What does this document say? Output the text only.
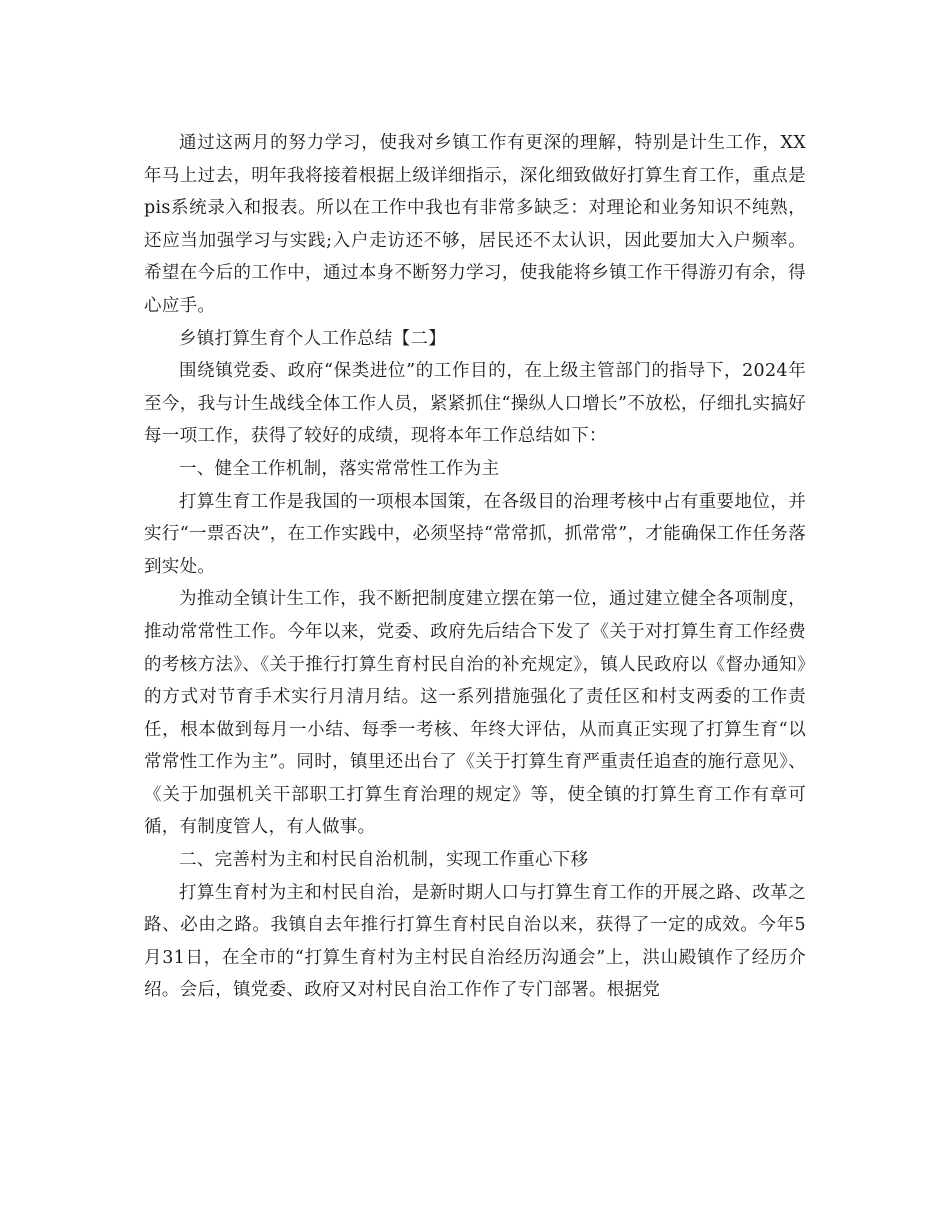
通过这两月的努力学习，使我对乡镇工作有更深的理解，特别是计生工作，XX年马上过去，明年我将接着根据上级详细指示，深化细致做好打算生育工作，重点是pis系统录入和报表。所以在工作中我也有非常多缺乏：对理论和业务知识不纯熟，还应当加强学习与实践;入户走访还不够，居民还不太认识，因此要加大入户频率。希望在今后的工作中，通过本身不断努力学习，使我能将乡镇工作干得游刃有余，得心应手。

乡镇打算生育个人工作总结【二】

围绕镇党委、政府“保类进位”的工作目的，在上级主管部门的指导下，2024年至今，我与计生战线全体工作人员，紧紧抓住“操纵人口增长”不放松，仔细扎实搞好每一项工作，获得了较好的成绩，现将本年工作总结如下：

一、健全工作机制，落实常常性工作为主

打算生育工作是我国的一项根本国策，在各级目的治理考核中占有重要地位，并实行“一票否决”，在工作实践中，必须坚持“常常抓，抓常常”，才能确保工作任务落到实处。

为推动全镇计生工作，我不断把制度建立摆在第一位，通过建立健全各项制度，推动常常性工作。今年以来，党委、政府先后结合下发了《关于对打算生育工作经费的考核方法》、《关于推行打算生育村民自治的补充规定》，镇人民政府以《督办通知》的方式对节育手术实行月清月结。这一系列措施强化了责任区和村支两委的工作责任，根本做到每月一小结、每季一考核、年终大评估，从而真正实现了打算生育“以常常性工作为主”。同时，镇里还出台了《关于打算生育严重责任追查的施行意见》、《关于加强机关干部职工打算生育治理的规定》等，使全镇的打算生育工作有章可循，有制度管人，有人做事。

二、完善村为主和村民自治机制，实现工作重心下移

打算生育村为主和村民自治，是新时期人口与打算生育工作的开展之路、改革之路、必由之路。我镇自去年推行打算生育村民自治以来，获得了一定的成效。今年5月31日，在全市的“打算生育村为主村民自治经历沟通会”上，洪山殿镇作了经历介绍。会后，镇党委、政府又对村民自治工作作了专门部署。根据党
